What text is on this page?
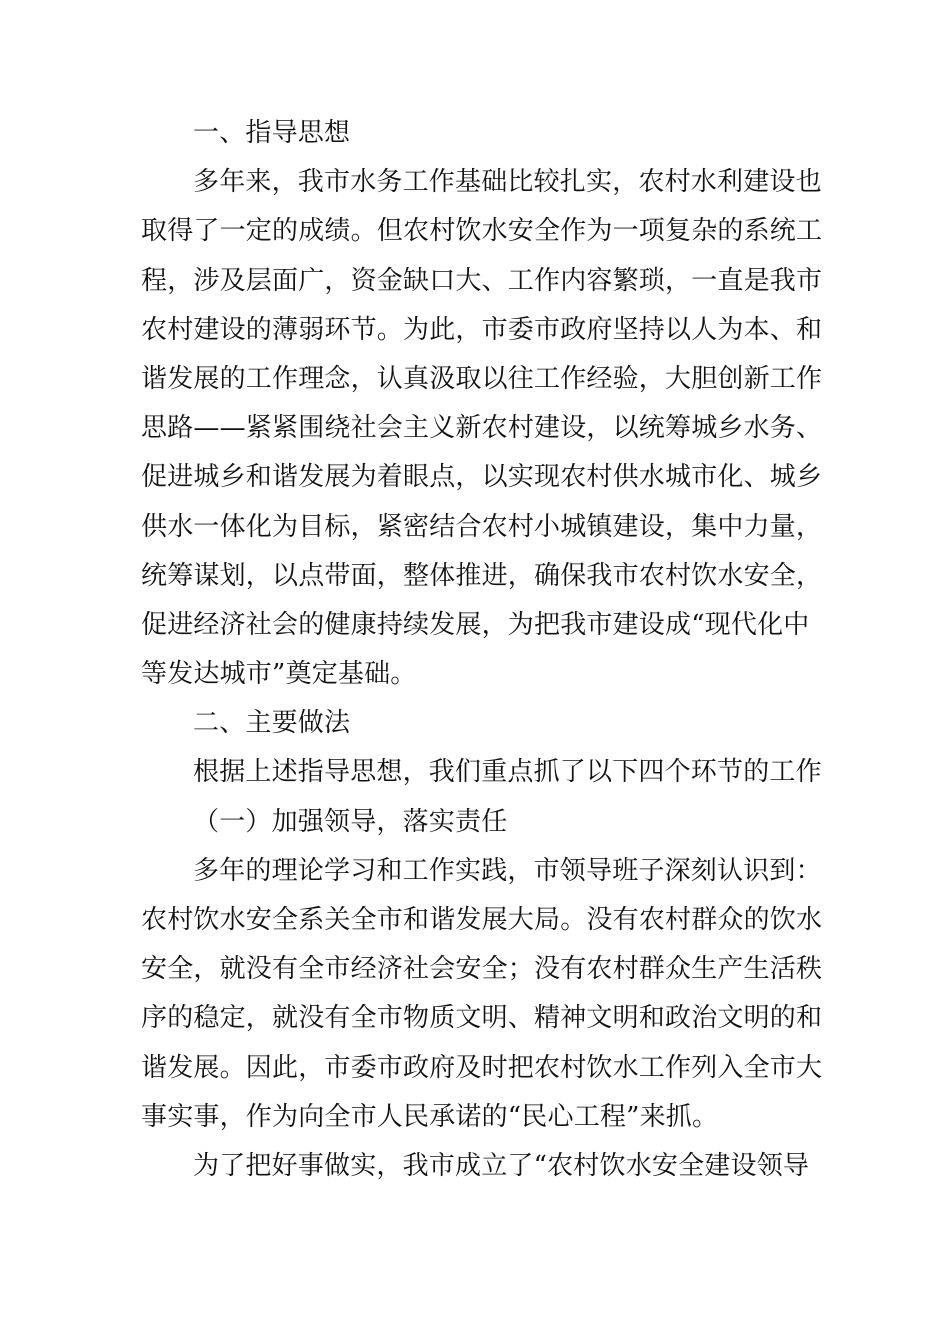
一、指导思想
多年来，我市水务工作基础比较扎实，农村水利建设也
取得了一定的成绩。但农村饮水安全作为一项复杂的系统工
程，涉及层面广，资金缺口大、工作内容繁琐，一直是我市
农村建设的薄弱环节。为此，市委市政府坚持以人为本、和
谐发展的工作理念，认真汲取以往工作经验，大胆创新工作
思路——紧紧围绕社会主义新农村建设，以统筹城乡水务、
促进城乡和谐发展为着眼点，以实现农村供水城市化、城乡
供水一体化为目标，紧密结合农村小城镇建设，集中力量，
统筹谋划，以点带面，整体推进，确保我市农村饮水安全，
促进经济社会的健康持续发展，为把我市建设成“现代化中
等发达城市”奠定基础。
二、主要做法
根据上述指导思想，我们重点抓了以下四个环节的工作
（一）加强领导，落实责任
多年的理论学习和工作实践，市领导班子深刻认识到：
农村饮水安全系关全市和谐发展大局。没有农村群众的饮水
安全，就没有全市经济社会安全；没有农村群众生产生活秩
序的稳定，就没有全市物质文明、精神文明和政治文明的和
谐发展。因此，市委市政府及时把农村饮水工作列入全市大
事实事，作为向全市人民承诺的“民心工程”来抓。
为了把好事做实，我市成立了“农村饮水安全建设领导
